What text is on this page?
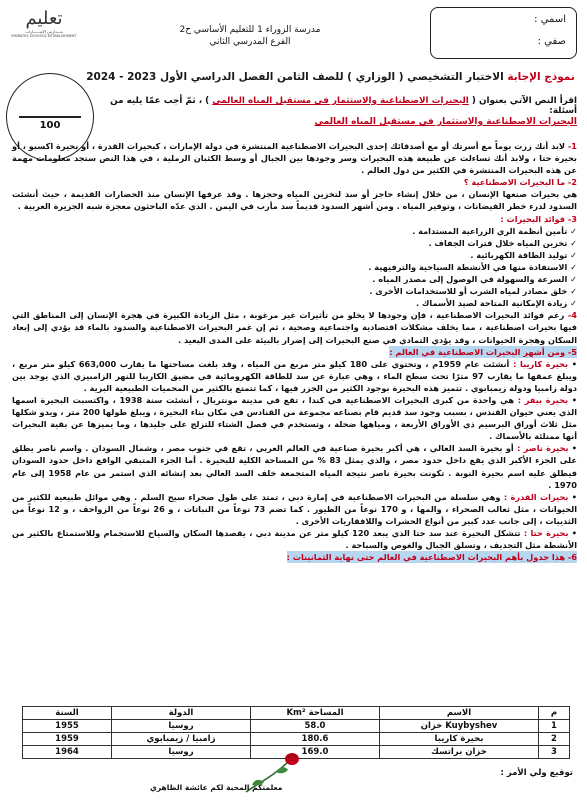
تعليم
مـــدارس الإمــــــارات
EMIRATES SCHOOLS ESTABLISHMENT
مدرسة الزوراء 1 للتعليم الأساسي ح2
الفرع المدرسي الثاني
اسمي :
صفي :
100
نموذج الإجابة الاختبار التشخيصي ( الوزاري ) للصف الثامن الفصل الدراسي الأول 2023 - 2024
اقرأ النص الآتي بعنوان ( البحيرات الاصطناعية والاستثمار في مستقبل المياه العالمي ) ، ثمّ أجب عمّا يليه من أسئلة:
البحيرات الاصطناعية والاستثمار في مستقبل المياه العالمي

1- لابد أنك زرت يوماً مع أسرتك أو مع أصدقائك إحدى البحيرات الاصطناعية المنتشرة في دولة الإمارات ، كبحيرات القدرة ، أو بحيرة اكسبو ، أو بحيرة حتا ، ولابد أنك تساءلت عن طبيعة هذه البحيرات وسر وجودها بين الجبال أو وسط الكثبان الرملية ، في هذا النص ستجد معلومات مهمة عن هذه البحيرات المنتشرة في الكثير من دول العالم .

2- ما البحيرات الاصطناعية ؟

هي بحيرات صنعها الإنسان ، من خلال إنشاء حاجز أو سد لتخزين المياه وحجزها . وقد عرفها الإنسان منذ الحضارات القديمة ، حيث أنشئت السدود لدرء خطر الفيضانات ، وتوفير المياه . ومن أشهر السدود قديماً سد مأرب في اليمن . الذي عدّه الباحثون معجزة شبه الجزيرة العربية .

3- فوائد البحيرات :

✓ تأمين أنظمة الري الزراعية المستدامة .
✓ تخزين المياه خلال فترات الجفاف .
✓ توليد الطاقة الكهربائية .
✓ الاستفادة منها في الأنشطة السياحية والترفيهية .
✓ السرعة والسهولة في الوصول إلى مصدر المياه .
✓ خلق مصادر لمياه الشرب أو للاستخدامات الأخرى .
✓ زيادة الإمكانية المتاحة لصيد الأسماك .

4- رغم فوائد البحيرات الاصطناعية ، فإن وجودها لا يخلو من تأثيرات غير مرغوبة ، مثل الزيادة الكبيرة في هجرة الإنسان إلى المناطق التي فيها بحيرات اصطناعية ، مما يخلف مشكلات اقتصادية واجتماعية وصحية ، ثم إن غمر البحيرات الاصطناعية والسدود بالماء قد يؤدي إلى إبعاد السكان وهجرة الحيوانات ، وقد يؤدي التمادي في صنع البحيرات إلى إضرار بالبيئة على المدى البعيد .

5- ومن أشهر البحيرات الاصطناعية في العالم :

• بحيرة كاريبا : أنشئت عام 1959م ، وتحتوي على 180 كيلو متر مربع من المياه ، وقد بلغت مساحتها ما يقارب 663,000 كيلو متر مربع ، ويبلغ عمقها ما يقارب 97 مترًا تحت سطح الماء ، وهي عبارة عن سد للطاقة الكهرومائية في مضيق الكاريبا للنهر الزامبيزي الذي يوجد بين دولة زامبيا ودولة زيمبابوي . تتميز هذه البحيرة بوجود الكثير من الجزر فيها ، كما تتمتع بالكثير من المحميات الطبيعية البرية .

• بحيرة بيفر : هي واحدة من كبرى البحيرات الاصطناعية في كندا ، تقع في مدينة مونتريال ، أنشئت سنة 1938 ، واكتسبت البحيرة اسمها الذي يعني حيوان القندس ، بسبب وجود سد قديم قام بصناعه مجموعة من القنادس في مكان بناء البحيرة ، ويبلغ طولها 200 متر ، ويدو شكلها مثل ثلاث أوراق البرسيم ذي الأوراق الأربعة ، ومياهها ضحلة ، وتستخدم في فصل الشتاء للتزلج على جليدها ، وما يميزها عن بقية البحيرات أنها ممتلئة بالأسماك .

• بحيرة ناصر : أو بحيرة السد العالي ، هي أكبر بحيرة صناعية في العالم العربي ، تقع في جنوب مصر ، وشمال السودان . واسم ناصر يطلق على الجزء الأكبر الذي يقع داخل حدود مصر ، والذي يمثل 83 % من المساحة الكلية للبحيرة . أما الجزء المتبقي الواقع داخل حدود السودان فيطلق عليه اسم بحيرة النوبة . تكونت بحيرة ناصر نتيجة المياه المتجمعة خلف السد العالي بعد إنشائه الذي استمر من عام 1958 إلى عام 1970 .

• بحيرات القدرة : وهي سلسلة من البحيرات الاصطناعية في إمارة دبي ، تمتد على طول صحراء سيح السلم . وهي موائل طبيعية للكثير من الحيوانات ، مثل ثعالب الصحراء ، والمها ، و 170 نوعاً من الطيور . كما تضم 73 نوعاً من النباتات ، و 26 نوعاً من الزواحف ، و 12 نوعاً من الثدييات ، إلى جانب عدد كبير من أنواع الحشرات واللافقاريات الأخرى .

• بحيرة حتا : تتشكل البحيرة عند سد حتا الذي يبعد 120 كيلو متر عن مدينة دبي ، يقصدها السكان والسياح للاستجمام وللاستمتاع بالكثير من الأنشطة مثل التجديف ، وتسلق الجبال والغوص والسباحة .

6- هذا جدول بأهم البحيرات الاصطناعية في العالم حتى نهاية الثمانينات :

م	الاسم	المساحة Km²	الدولة	السنة
1	Kuybyshev خزان	58.0	روسيا	1955
2	بحيرة كاريبا	180.6	زامبيا / زيمبابوي	1959
3	خزان براتسك	169.0	روسيا	1964
توقيع ولي الأمر :
معلمتكم المحبة لكم عائشة الظاهري
